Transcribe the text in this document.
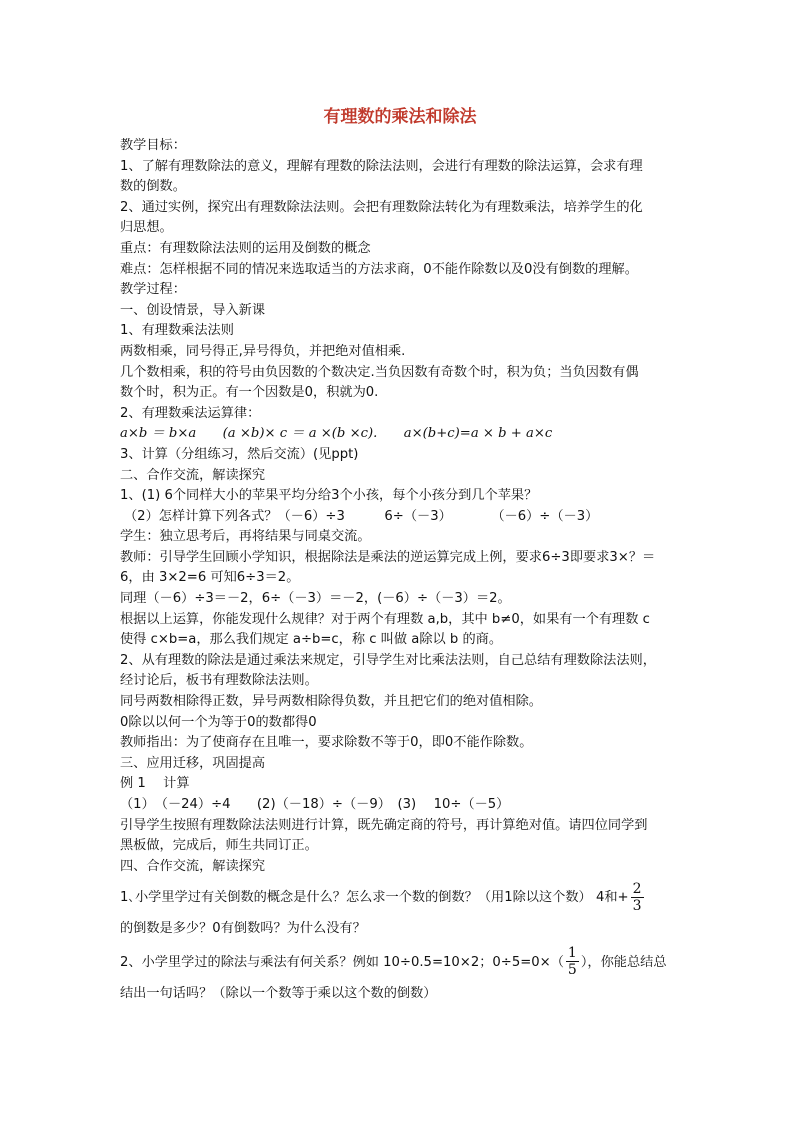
有理数的乘法和除法
教学目标：
1、了解有理数除法的意义，理解有理数的除法法则，会进行有理数的除法运算，会求有理
数的倒数。
2、通过实例，探究出有理数除法法则。会把有理数除法转化为有理数乘法，培养学生的化
归思想。
重点：有理数除法法则的运用及倒数的概念
难点：怎样根据不同的情况来选取适当的方法求商，0不能作除数以及0没有倒数的理解。
教学过程：
一、创设情景，导入新课
1、有理数乘法法则
两数相乘，同号得正,异号得负，并把绝对值相乘.
几个数相乘，积的符号由负因数的个数决定.当负因数有奇数个时，积为负；当负因数有偶
数个时，积为正。有一个因数是0，积就为0.
2、有理数乘法运算律：
a×b ＝ b×a　　(a ×b)× c ＝ a ×(b ×c).　　a×(b+c)=a × b + a×c
3、计算（分组练习，然后交流）(见ppt)
二、合作交流，解读探究
1、(1) 6个同样大小的苹果平均分给3个小孩，每个小孩分到几个苹果？
（2）怎样计算下列各式？（－6）÷3　　　6÷（－3）　　　　（－6）÷（－3）
学生：独立思考后，再将结果与同桌交流。
教师：引导学生回顾小学知识，根据除法是乘法的逆运算完成上例，要求6÷3即要求3×？＝
6，由 3×2=6 可知6÷3＝2。
同理（－6）÷3＝－2，6÷（－3）＝－2，(－6）÷（－3）＝2。
根据以上运算，你能发现什么规律？对于两个有理数 a,b，其中 b≠0，如果有一个有理数 c
使得 c×b=a，那么我们规定 a÷b=c，称 c 叫做 a除以 b 的商。
2、从有理数的除法是通过乘法来规定，引导学生对比乘法法则，自己总结有理数除法法则，
经讨论后，板书有理数除法法则。
同号两数相除得正数，异号两数相除得负数，并且把它们的绝对值相除。
0除以以何一个为等于0的数都得0
教师指出：为了使商存在且唯一，要求除数不等于0，即0不能作除数。
三、应用迁移，巩固提高
例 1　 计算
（1）　（－24）÷4　　(2)（－18）÷（－9）　(3)　 10÷（－5）
引导学生按照有理数除法法则进行计算，既先确定商的符号，再计算绝对值。请四位同学到
黑板做，完成后，师生共同订正。
四、合作交流，解读探究
1､小学里学过有关倒数的概念是什么？怎么求一个数的倒数？（用1除以这个数） 4和+ $\frac{2}{3}$
的倒数是多少？0有倒数吗？为什么没有？
2、小学里学过的除法与乘法有何关系？例如 10÷0.5=10×2；$0\div 5=0\times( \frac{1}{5}$ ），你能总结总
结出一句话吗？（除以一个数等于乘以这个数的倒数）
